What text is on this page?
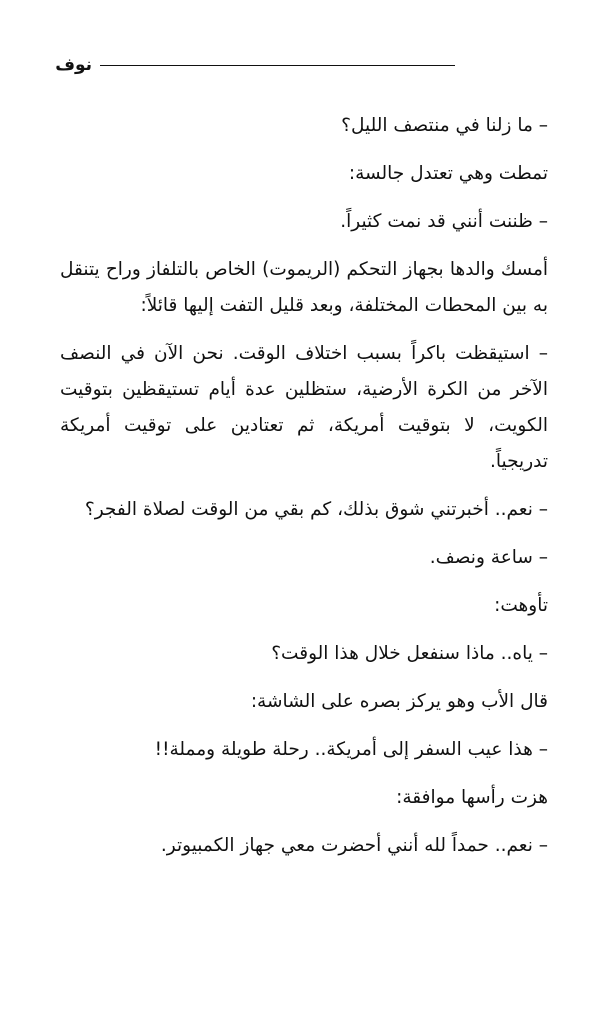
نوف

– ما زلنا في منتصف الليل؟

تمطت وهي تعتدل جالسة:

– ظننت أنني قد نمت كثيراً.

أمسك والدها بجهاز التحكم (الريموت) الخاص بالتلفاز وراح يتنقل به بين المحطات المختلفة، وبعد قليل التفت إليها قائلاً:

– استيقظت باكراً بسبب اختلاف الوقت. نحن الآن في النصف الآخر من الكرة الأرضية، ستظلين عدة أيام تستيقظين بتوقيت الكويت، لا بتوقيت أمريكة، ثم تعتادين على توقيت أمريكة تدريجياً.

– نعم.. أخبرتني شوق بذلك، كم بقي من الوقت لصلاة الفجر؟

– ساعة ونصف.

تأوهت:

– ياه.. ماذا سنفعل خلال هذا الوقت؟

قال الأب وهو يركز بصره على الشاشة:

– هذا عيب السفر إلى أمريكة.. رحلة طويلة ومملة!!

هزت رأسها موافقة:

– نعم.. حمداً لله أنني أحضرت معي جهاز الكمبيوتر.
